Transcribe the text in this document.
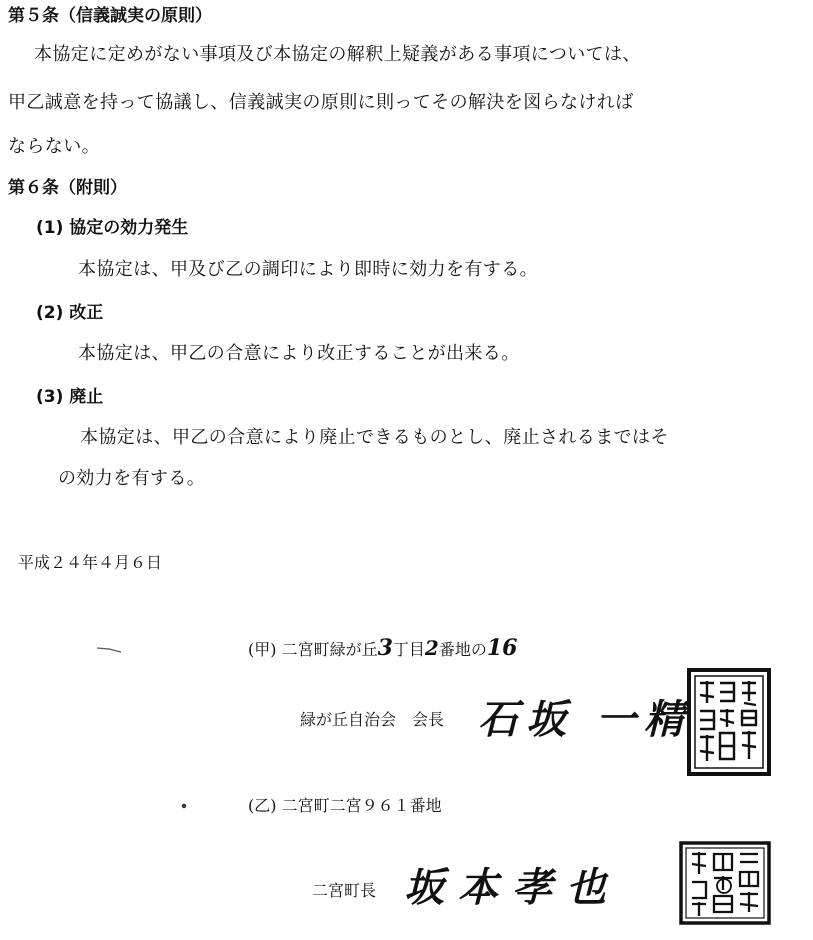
第５条（信義誠実の原則）
本協定に定めがない事項及び本協定の解釈上疑義がある事項については、
甲乙誠意を持って協議し、信義誠実の原則に則ってその解決を図らなければ
ならない。
第６条（附則）
(1) 協定の効力発生
本協定は、甲及び乙の調印により即時に効力を有する。
(2) 改正
本協定は、甲乙の合意により改正することが出来る。
(3) 廃止
本協定は、甲乙の合意により廃止できるものとし、廃止されるまではそ
の効力を有する。
平成２４年４月６日
(甲) 二宮町緑が丘3丁目2番地の16
緑が丘自治会　会長 石坂 一精
(乙) 二宮町二宮９６１番地
二宮町長 坂本孝也
